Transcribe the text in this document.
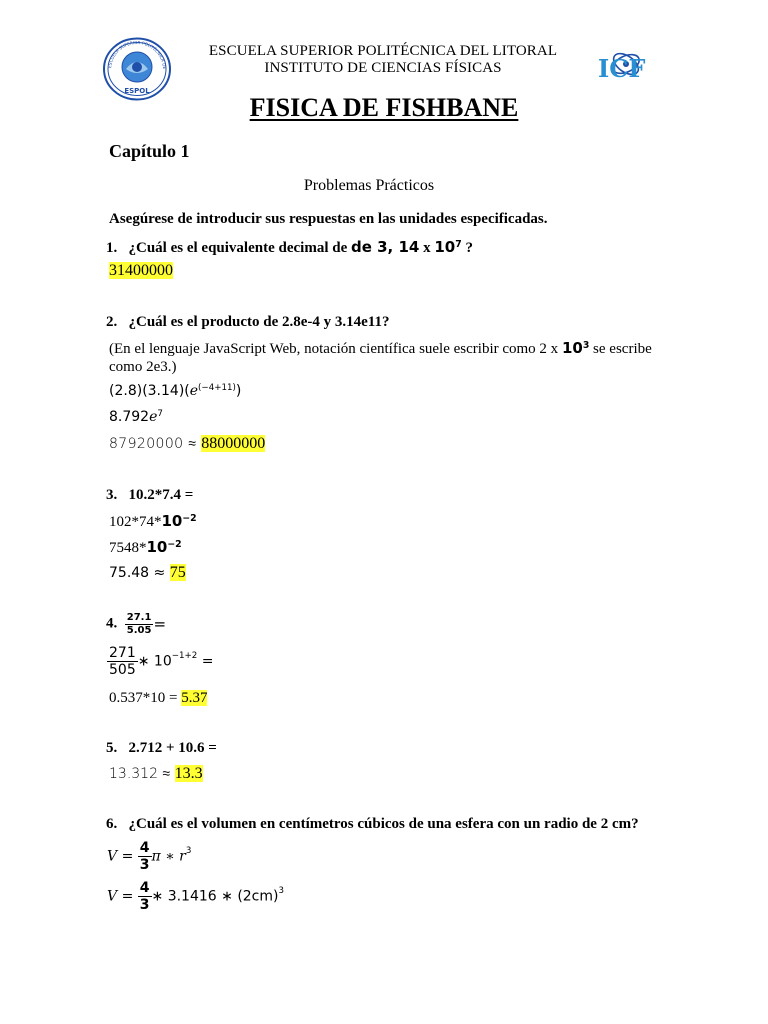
ESCUELA SUPERIOR POLITÉCNICA DE
ESPOL
ICF
ESCUELA SUPERIOR POLITÉCNICA DEL LITORAL
INSTITUTO DE CIENCIAS FÍSICAS
FISICA DE FISHBANE
Capítulo 1
Problemas Prácticos
Asegúrese de introducir sus respuestas en las unidades especificadas.
1. ¿Cuál es el equivalente decimal de de 3, 14 x $10^7$ ?
31400000
2. ¿Cuál es el producto de 2.8e-4 y 3.14e11?
(En el lenguaje JavaScript Web, notación científica suele escribir como 2 x $10^3$ se escribe
como 2e3.)
$(2.8)(3.14)(e^{(-4+11)})$
$8.792e^7$
87920000 ≈ 88000000
3. 10.2*7.4 =
$102*74*10^{-2}$
$7548*10^{-2}$
75.48 ≈ 75
4. $\frac{27.1}{5.05}$ =
$\frac{271}{505}$ ∗ $10^{-1+2}$ =
0.537*10 = 5.37
5. 2.712 + 10.6 =
13.312 ≈ 13.3
6. ¿Cuál es el volumen en centímetros cúbicos de una esfera con un radio de 2 cm?
$V = \frac{4}{3}$ π ∗ $r^3$
$V = \frac{4}{3}$ ∗ 3.1416 ∗ $(2cm)^3$
